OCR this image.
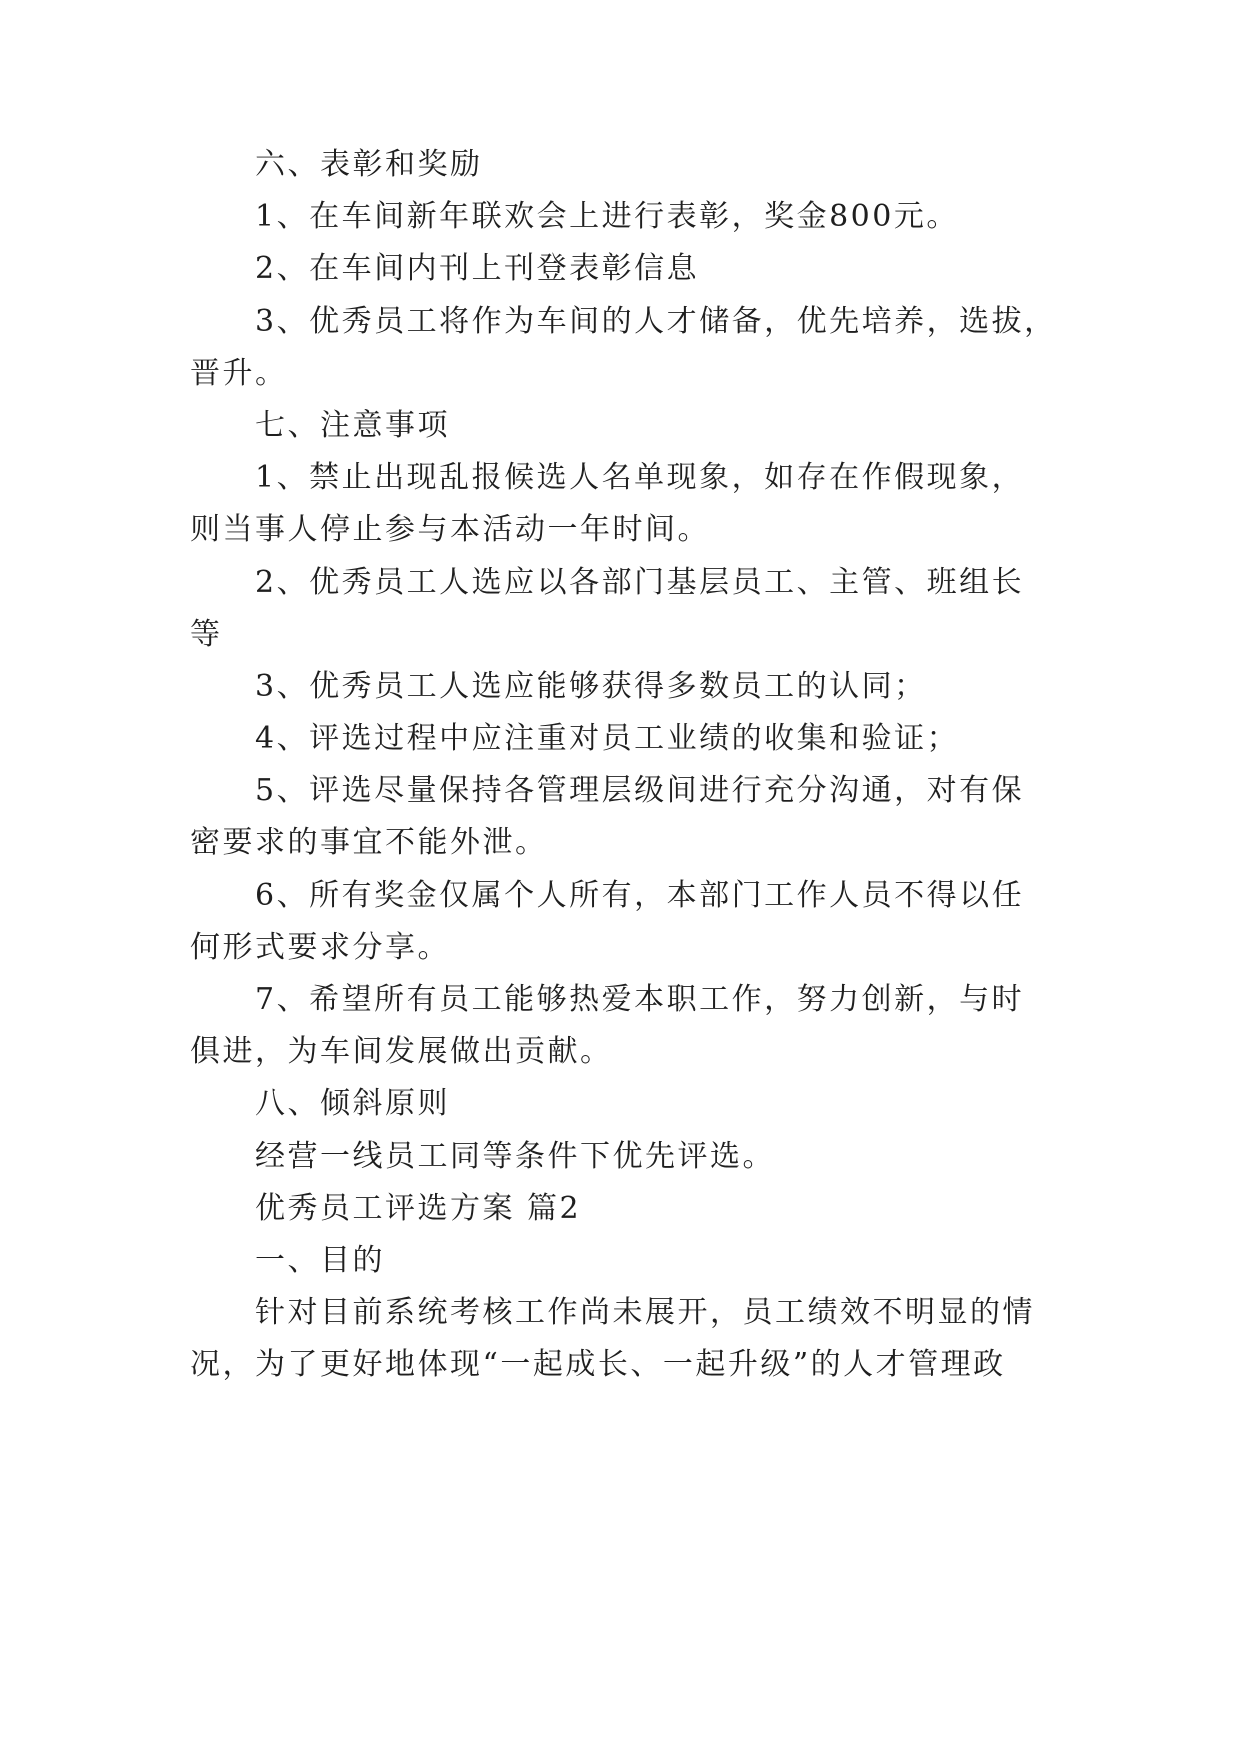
六、表彰和奖励
1、在车间新年联欢会上进行表彰，奖金800元。
2、在车间内刊上刊登表彰信息
3、优秀员工将作为车间的人才储备，优先培养，选拔，
晋升。
七、注意事项
1、禁止出现乱报候选人名单现象，如存在作假现象，
则当事人停止参与本活动一年时间。
2、优秀员工人选应以各部门基层员工、主管、班组长
等
3、优秀员工人选应能够获得多数员工的认同；
4、评选过程中应注重对员工业绩的收集和验证；
5、评选尽量保持各管理层级间进行充分沟通，对有保
密要求的事宜不能外泄。
6、所有奖金仅属个人所有，本部门工作人员不得以任
何形式要求分享。
7、希望所有员工能够热爱本职工作，努力创新，与时
俱进，为车间发展做出贡献。
八、倾斜原则
经营一线员工同等条件下优先评选。
优秀员工评选方案 篇2
一、目的
针对目前系统考核工作尚未展开，员工绩效不明显的情
况，为了更好地体现“一起成长、一起升级”的人才管理政
